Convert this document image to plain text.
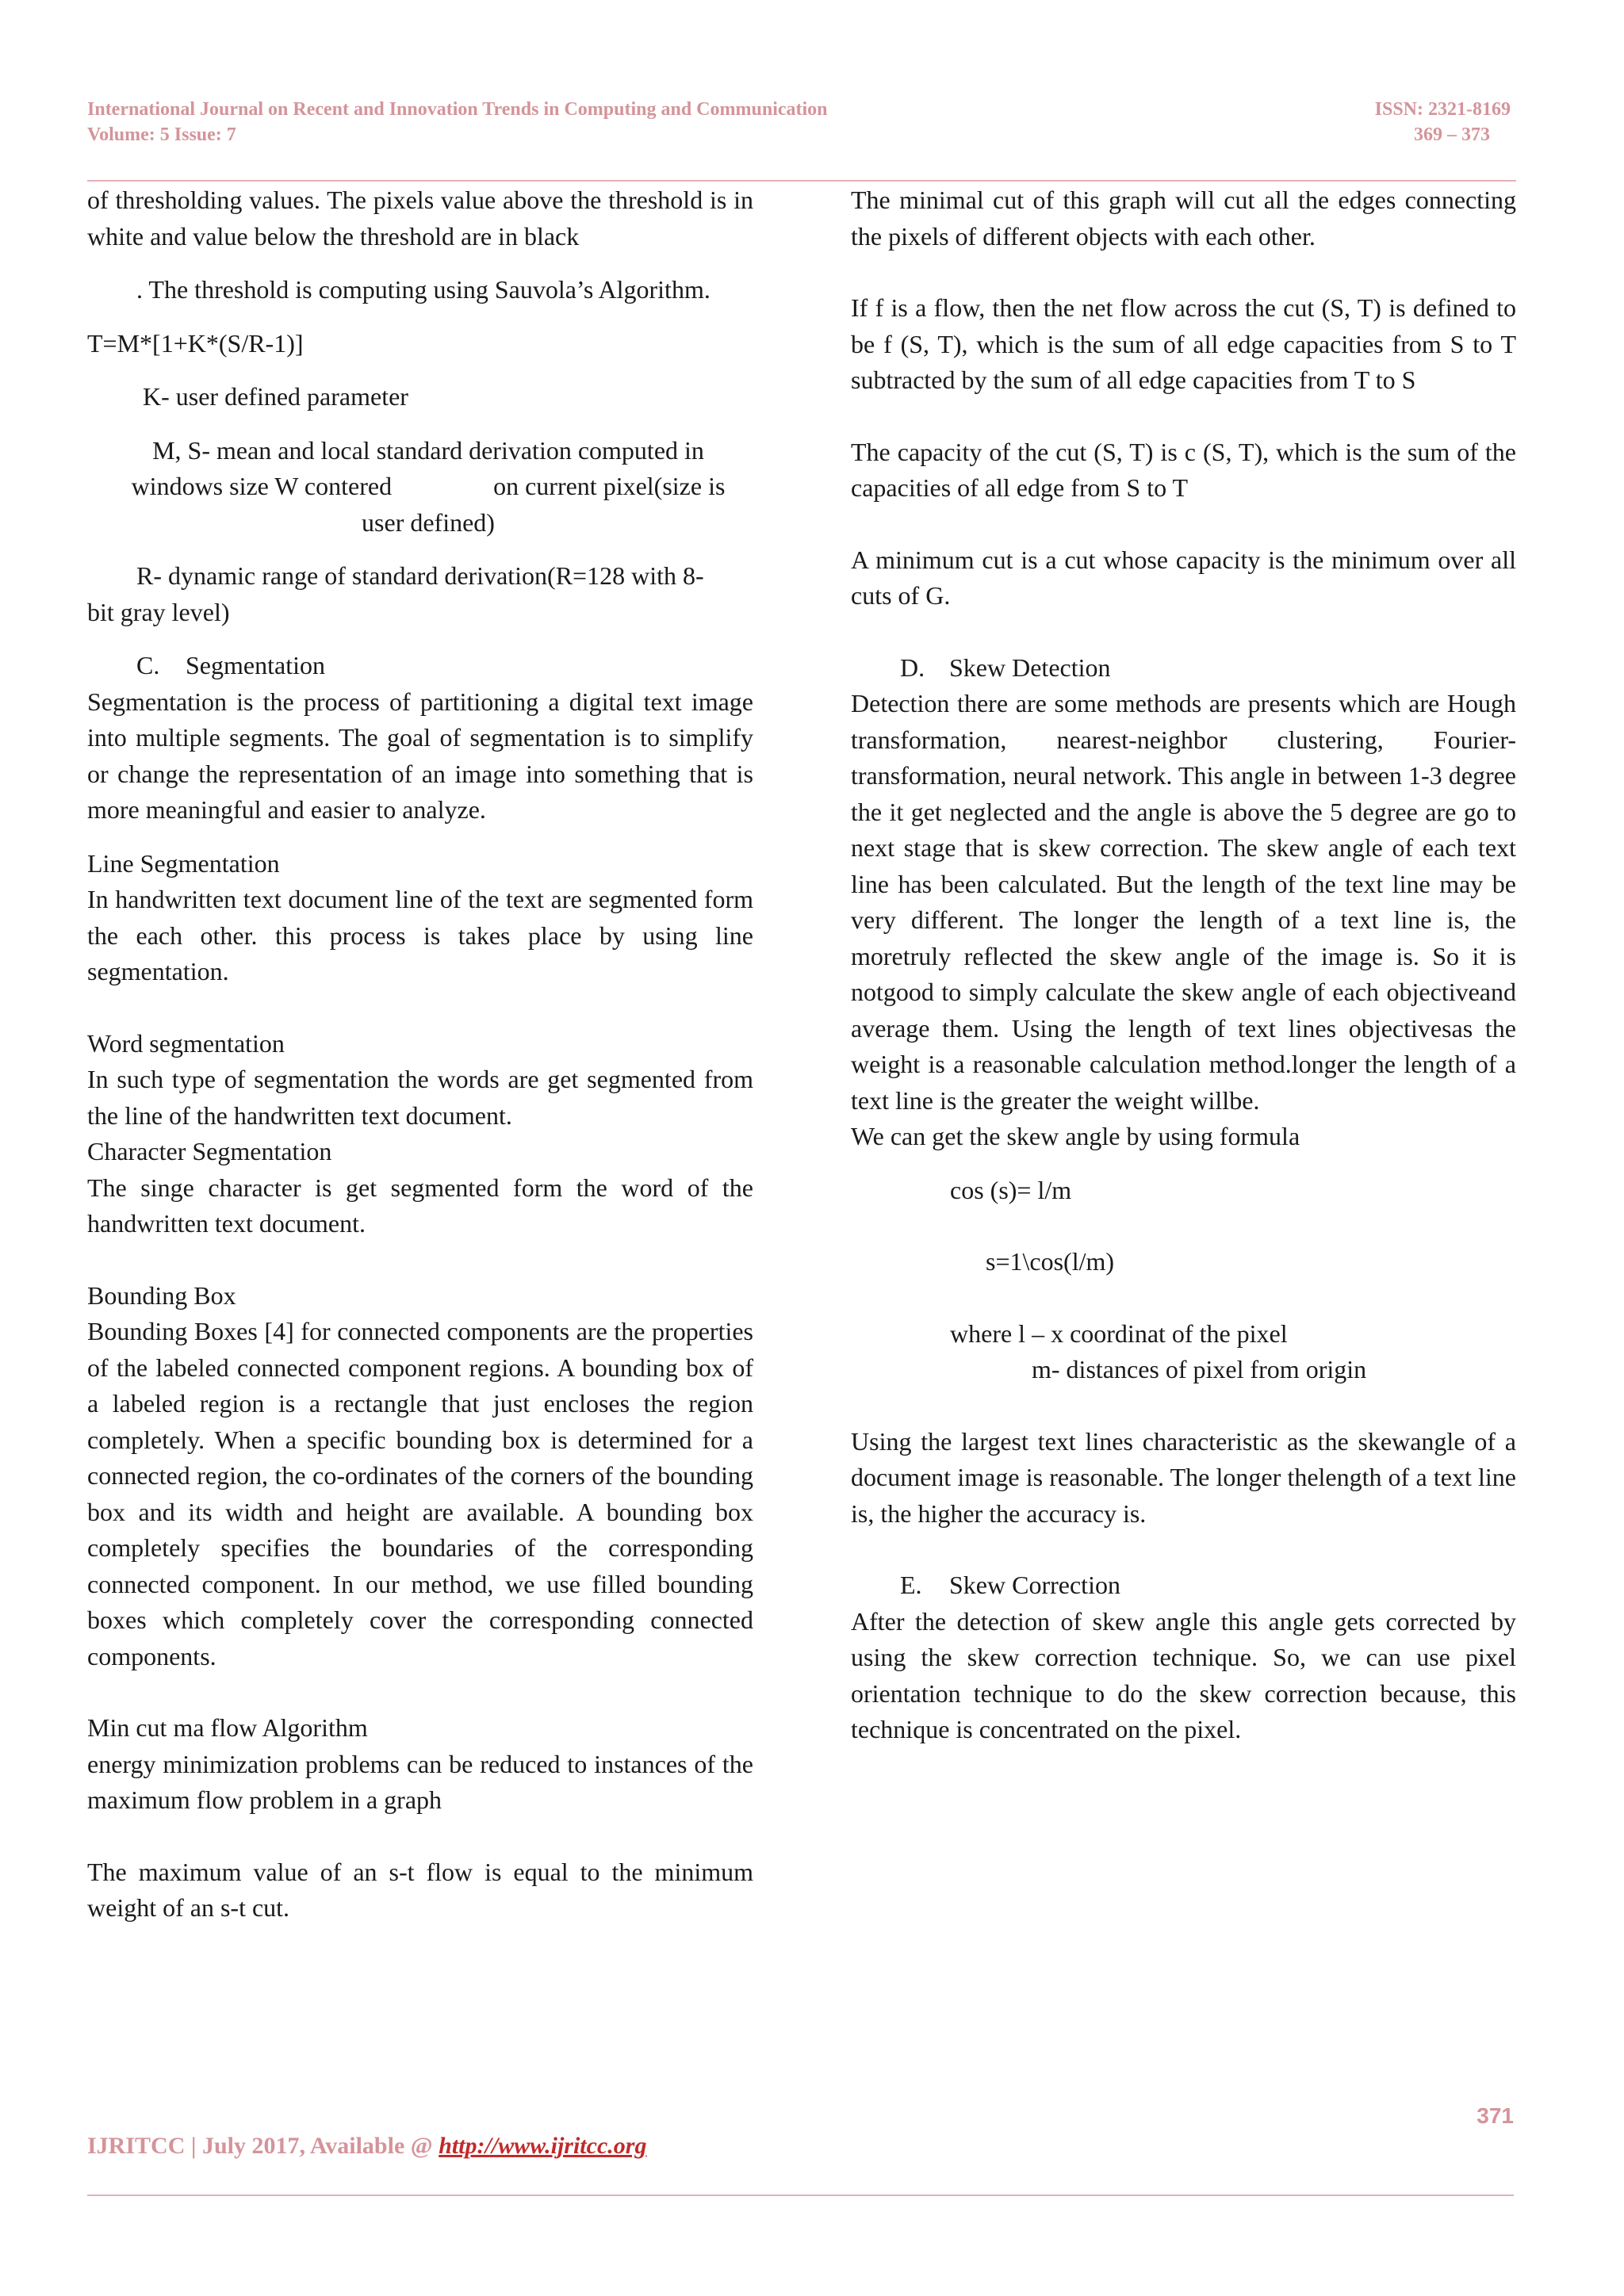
International Journal on Recent and Innovation Trends in Computing and Communication	ISSN: 2321-8169
Volume: 5 Issue: 7	369 – 373

of thresholding values. The pixels value above the threshold is in white and value below the threshold are in black

. The threshold is computing using Sauvola’s Algorithm.

T=M*[1+K*(S/R-1)]

K- user defined parameter

M, S- mean and local standard derivation computed in

windows size W contered	on current pixel(size is

user defined)

R- dynamic range of standard derivation(R=128 with 8-

bit gray level)

C. Segmentation

Segmentation is the process of partitioning a digital text image into multiple segments. The goal of segmentation is to simplify or change the representation of an image into something that is more meaningful and easier to analyze.

Line Segmentation

In handwritten text document line of the text are segmented form the each other. this process is takes place by using line segmentation.

Word segmentation

In such type of segmentation the words are get segmented from the line of the handwritten text document.

Character Segmentation

The singe character is get segmented form the word of the handwritten text document.

Bounding Box

Bounding Boxes [4] for connected components are the properties of the labeled connected component regions. A bounding box of a labeled region is a rectangle that just encloses the region completely. When a specific bounding box is determined for a connected region, the co-ordinates of the corners of the bounding box and its width and height are available. A bounding box completely specifies the boundaries of the corresponding connected component. In our method, we use filled bounding boxes which completely cover the corresponding connected components.

Min cut ma flow Algorithm

energy minimization problems can be reduced to instances of the maximum flow problem in a graph

The maximum value of an s-t flow is equal to the minimum weight of an s-t cut.

The minimal cut of this graph will cut all the edges connecting the pixels of different objects with each other.

If f is a flow, then the net flow across the cut (S, T) is defined to be f (S, T), which is the sum of all edge capacities from S to T subtracted by the sum of all edge capacities from T to S

The capacity of the cut (S, T) is c (S, T), which is the sum of the capacities of all edge from S to T

A minimum cut is a cut whose capacity is the minimum over all cuts of G.

D. Skew Detection

Detection there are some methods are presents which are Hough transformation, nearest-neighbor clustering, Fourier-transformation, neural network. This angle in between 1-3 degree the it get neglected and the angle is above the 5 degree are go to next stage that is skew correction. The skew angle of each text line has been calculated. But the length of the text line may be very different. The longer the length of a text line is, the moretruly reflected the skew angle of the image is. So it is notgood to simply calculate the skew angle of each objectiveand average them. Using the length of text lines objectivesas the weight is a reasonable calculation method.longer the length of a text line is the greater the weight willbe.

We can get the skew angle by using formula

cos (s)= l/m

s=1\cos(l/m)

where l – x coordinat of the pixel

m- distances of pixel from origin

Using the largest text lines characteristic as the skewangle of a document image is reasonable. The longer thelength of a text line is, the higher the accuracy is.

E. Skew Correction

After the detection of skew angle this angle gets corrected by using the skew correction technique. So, we can use pixel orientation technique to do the skew correction because, this technique is concentrated on the pixel.

371
IJRITCC | July 2017, Available @ http://www.ijritcc.org
